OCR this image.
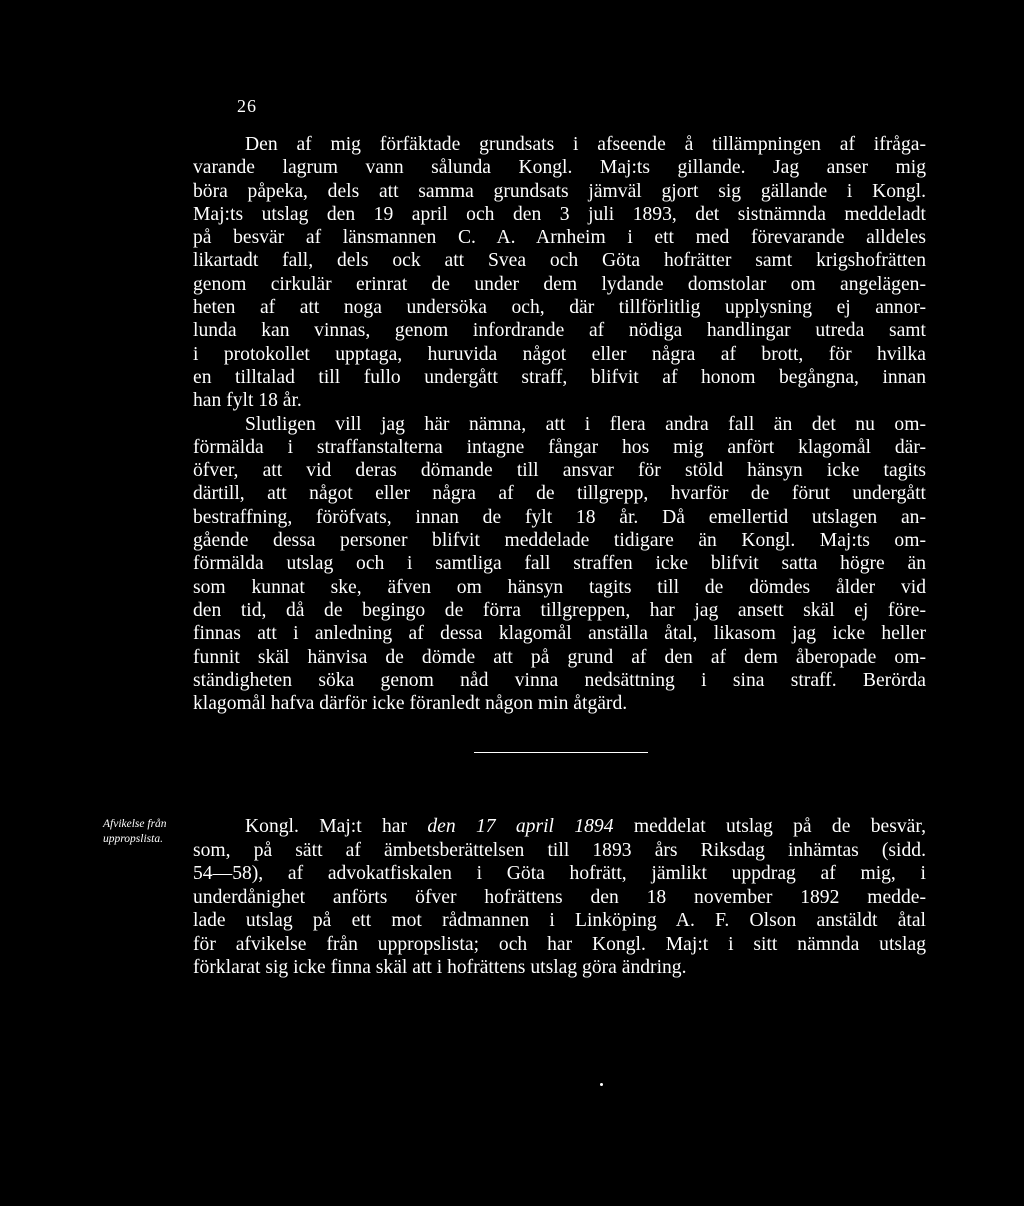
26
Den af mig förfäktade grundsats i afseende å tillämpningen af ifråga-
varande lagrum vann sålunda Kongl. Maj:ts gillande. Jag anser mig
böra påpeka, dels att samma grundsats jämväl gjort sig gällande i Kongl.
Maj:ts utslag den 19 april och den 3 juli 1893, det sistnämnda meddeladt
på besvär af länsmannen C. A. Arnheim i ett med förevarande alldeles
likartadt fall, dels ock att Svea och Göta hofrätter samt krigshofrätten
genom cirkulär erinrat de under dem lydande domstolar om angelägen-
heten af att noga undersöka och, där tillförlitlig upplysning ej annor-
lunda kan vinnas, genom infordrande af nödiga handlingar utreda samt
i protokollet upptaga, huruvida något eller några af brott, för hvilka
en tilltalad till fullo undergått straff, blifvit af honom begångna, innan
han fylt 18 år.
Slutligen vill jag här nämna, att i flera andra fall än det nu om-
förmälda i straffanstalterna intagne fångar hos mig anfört klagomål där-
öfver, att vid deras dömande till ansvar för stöld hänsyn icke tagits
därtill, att något eller några af de tillgrepp, hvarför de förut undergått
bestraffning, föröfvats, innan de fylt 18 år. Då emellertid utslagen an-
gående dessa personer blifvit meddelade tidigare än Kongl. Maj:ts om-
förmälda utslag och i samtliga fall straffen icke blifvit satta högre än
som kunnat ske, äfven om hänsyn tagits till de dömdes ålder vid
den tid, då de begingo de förra tillgreppen, har jag ansett skäl ej före-
finnas att i anledning af dessa klagomål anställa åtal, likasom jag icke heller
funnit skäl hänvisa de dömde att på grund af den af dem åberopade om-
ständigheten söka genom nåd vinna nedsättning i sina straff. Berörda
klagomål hafva därför icke föranledt någon min åtgärd.
Afvikelse från
uppropslista.
Kongl. Maj:t har den 17 april 1894 meddelat utslag på de besvär,
som, på sätt af ämbetsberättelsen till 1893 års Riksdag inhämtas (sidd.
54—58), af advokatfiskalen i Göta hofrätt, jämlikt uppdrag af mig, i
underdånighet anförts öfver hofrättens den 18 november 1892 medde-
lade utslag på ett mot rådmannen i Linköping A. F. Olson anstäldt åtal
för afvikelse från uppropslista; och har Kongl. Maj:t i sitt nämnda utslag
förklarat sig icke finna skäl att i hofrättens utslag göra ändring.
